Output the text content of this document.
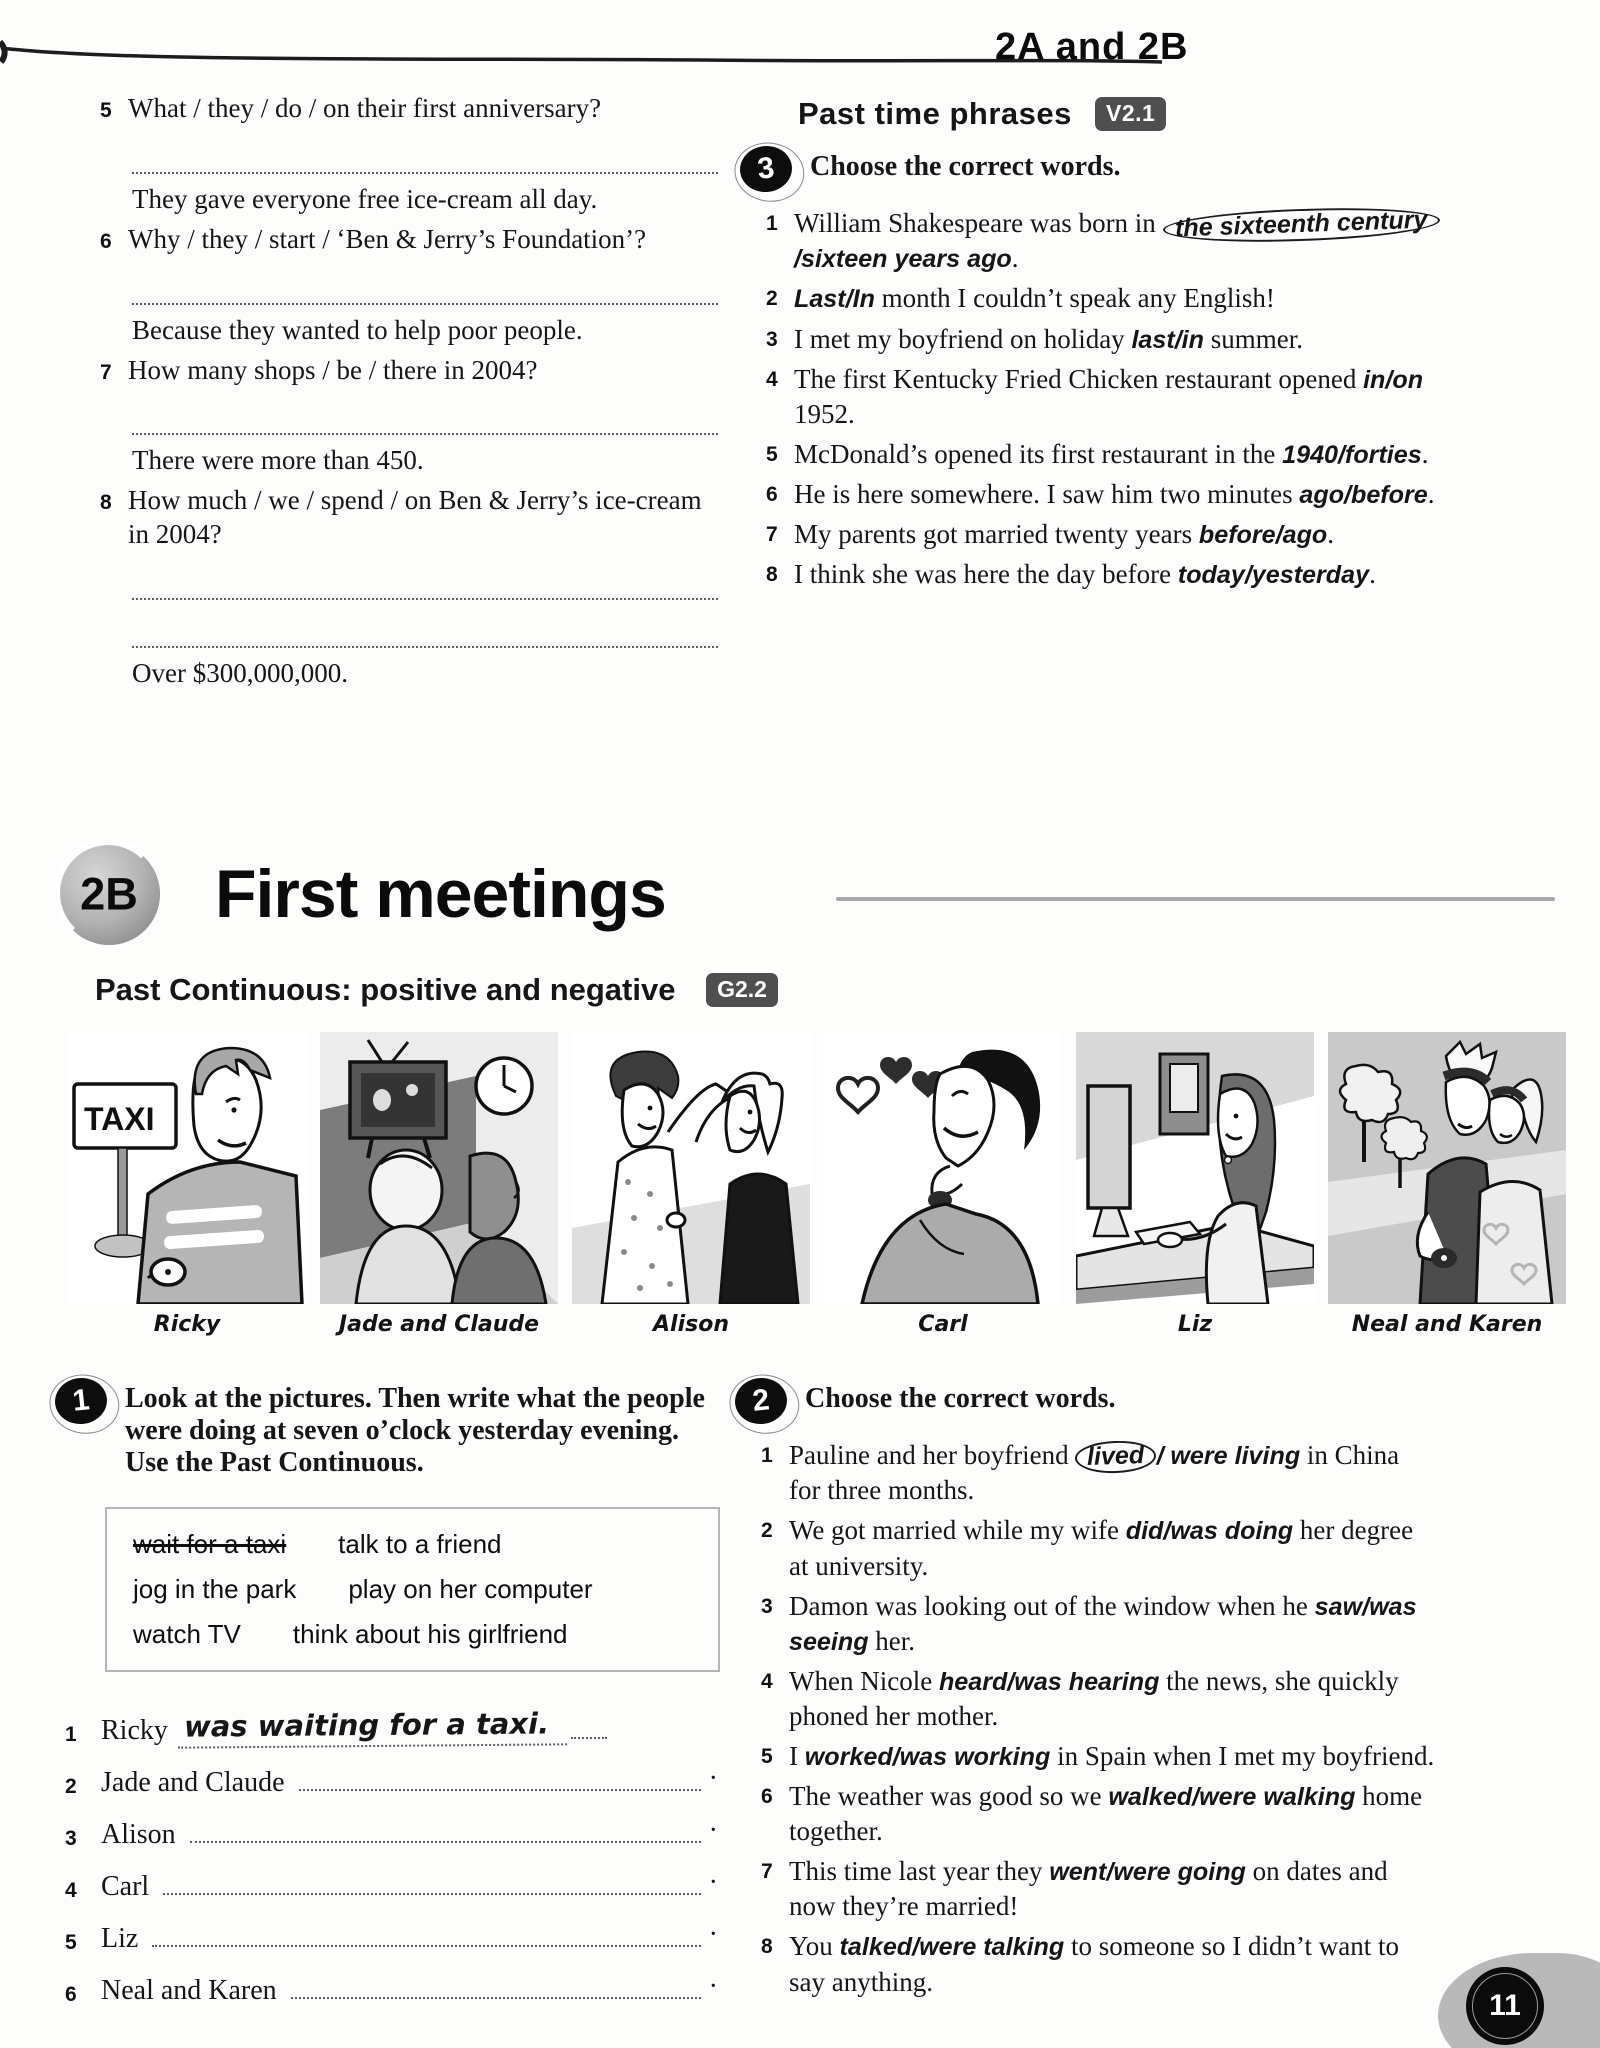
2A and 2B
5 What / they / do / on their first anniversary?
They gave everyone free ice-cream all day.
6 Why / they / start / ‘Ben & Jerry’s Foundation’?
Because they wanted to help poor people.
7 How many shops / be / there in 2004?
There were more than 450.
8 How much / we / spend / on Ben & Jerry’s ice-cream in 2004?
Over $300,000,000.
Past time phrases V2.1
3	Choose the correct words.
1 William Shakespeare was born in the sixteenth century/sixteen years ago.
2 Last/In month I couldn’t speak any English!
3 I met my boyfriend on holiday last/in summer.
4 The first Kentucky Fried Chicken restaurant opened in/on 1952.
5 McDonald’s opened its first restaurant in the 1940/forties.
6 He is here somewhere. I saw him two minutes ago/before.
7 My parents got married twenty years before/ago.
8 I think she was here the day before today/yesterday.
2B First meetings
Past Continuous: positive and negative G2.2
TAXI
Ricky	Jade and Claude	Alison	Carl	Liz	Neal and Karen
1	Look at the pictures. Then write what the people were doing at seven o’clock yesterday evening. Use the Past Continuous.
wait for a taxi talk to a friend
jog in the park play on her computer
watch TV think about his girlfriend
1 Ricky was waiting for a taxi.
2 Jade and Claude	·
3 Alison	·
4 Carl	·
5 Liz	·
6 Neal and Karen	·
2	Choose the correct words.
1 Pauline and her boyfriend lived / were living in China for three months.
2 We got married while my wife did/was doing her degree at university.
3 Damon was looking out of the window when he saw/was seeing her.
4 When Nicole heard/was hearing the news, she quickly phoned her mother.
5 I worked/was working in Spain when I met my boyfriend.
6 The weather was good so we walked/were walking home together.
7 This time last year they went/were going on dates and now they’re married!
8 You talked/were talking to someone so I didn’t want to say anything.
11
